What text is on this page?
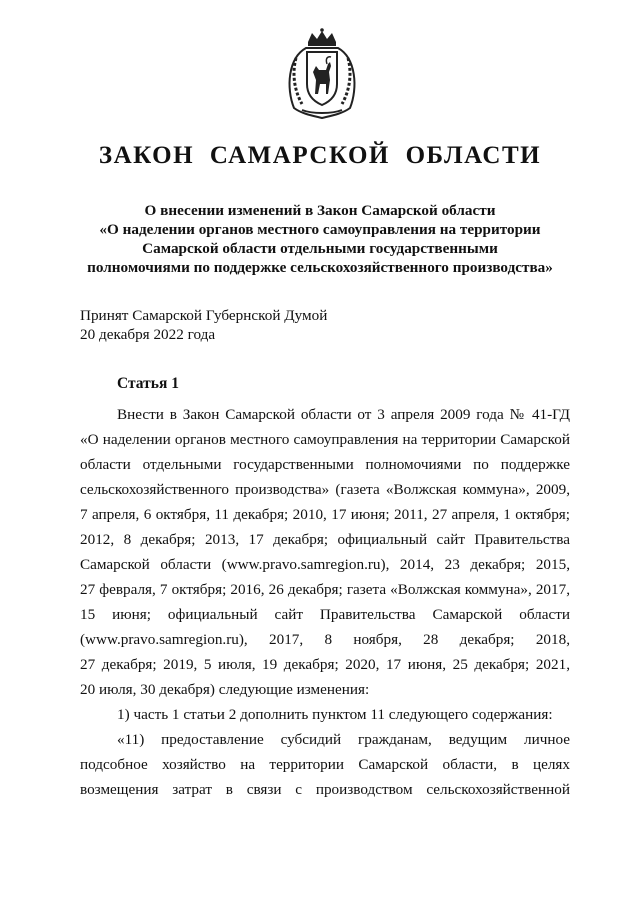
ЗАКОН САМАРСКОЙ ОБЛАСТИ
О внесении изменений в Закон Самарской области
«О наделении органов местного самоуправления на территории
Самарской области отдельными государственными
полномочиями по поддержке сельскохозяйственного производства»
Принят Самарской Губернской Думой
20 декабря 2022 года
Статья 1
Внести в Закон Самарской области от 3 апреля 2009 года № 41-ГД
«О наделении органов местного самоуправления на территории Самарской
области отдельными государственными полномочиями по поддержке
сельскохозяйственного производства» (газета «Волжская коммуна», 2009,
7 апреля, 6 октября, 11 декабря; 2010, 17 июня; 2011, 27 апреля, 1 октября;
2012, 8 декабря; 2013, 17 декабря; официальный сайт Правительства
Самарской области (www.pravo.samregion.ru), 2014, 23 декабря; 2015,
27 февраля, 7 октября; 2016, 26 декабря; газета «Волжская коммуна», 2017,
15 июня; официальный сайт Правительства Самарской области
(www.pravo.samregion.ru), 2017, 8 ноября, 28 декабря; 2018,
27 декабря; 2019, 5 июля, 19 декабря; 2020, 17 июня, 25 декабря; 2021,
20 июля, 30 декабря) следующие изменения:
1) часть 1 статьи 2 дополнить пунктом 11 следующего содержания:
«11) предоставление субсидий гражданам, ведущим личное
подсобное хозяйство на территории Самарской области, в целях
возмещения затрат в связи с производством сельскохозяйственной
